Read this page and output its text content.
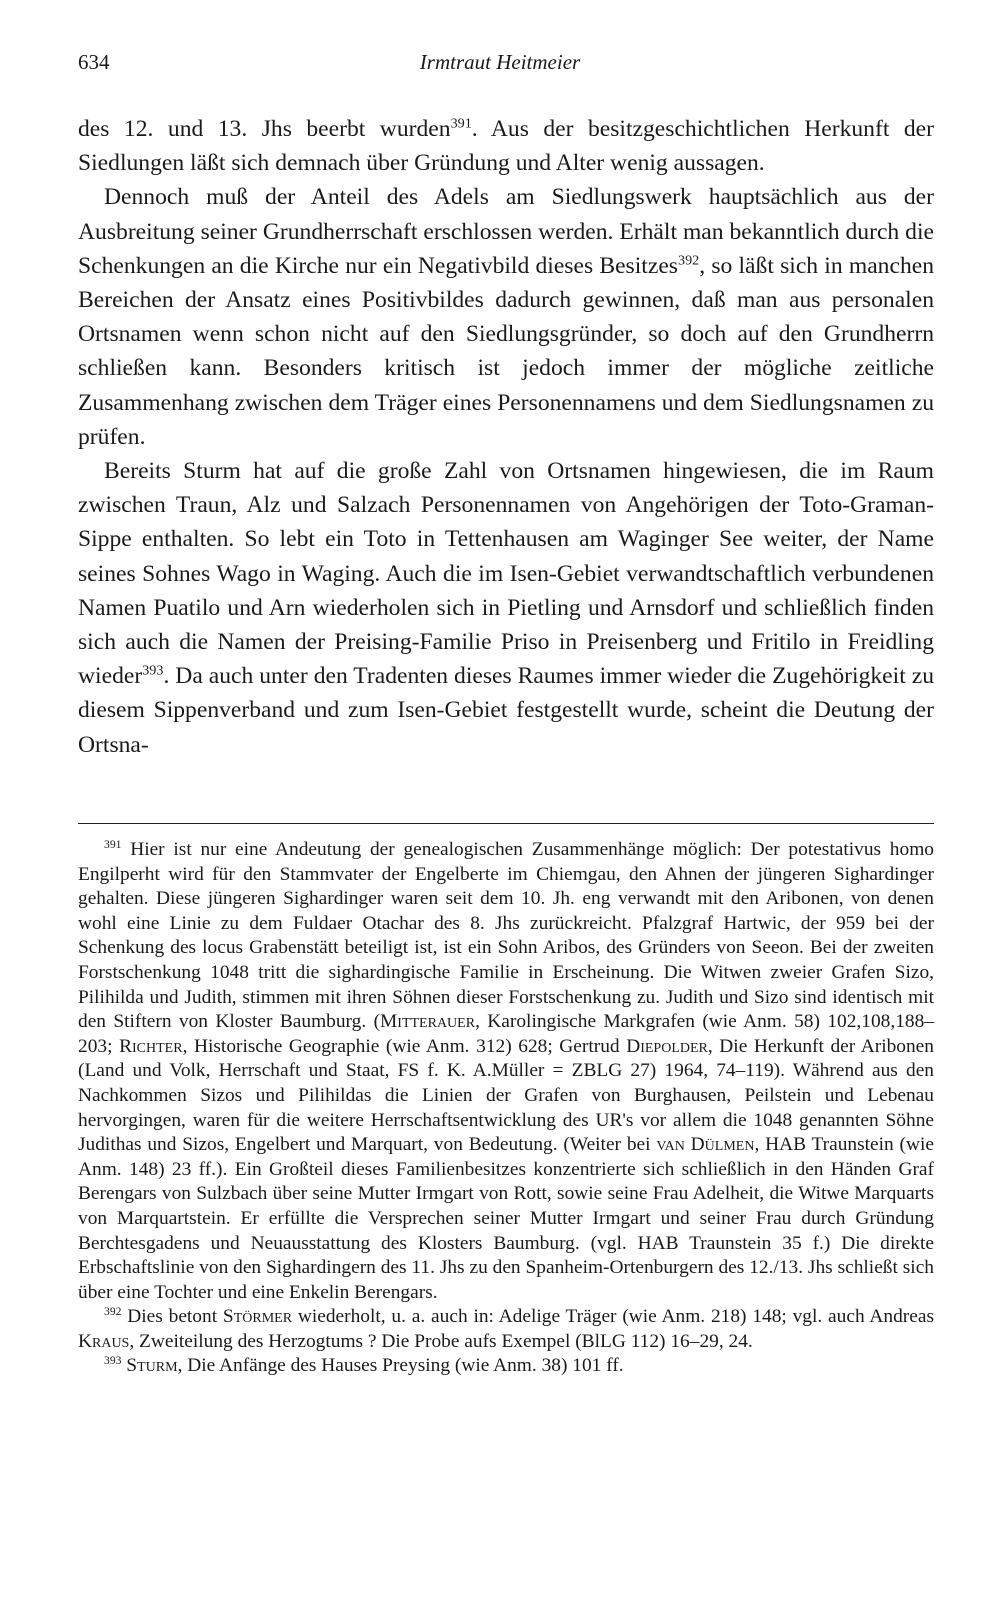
634	Irmtraut Heitmeier

des 12. und 13. Jhs beerbt wurden$^{391}$. Aus der besitzgeschichtlichen Herkunft der Siedlungen läßt sich demnach über Gründung und Alter wenig aussagen.

Dennoch muß der Anteil des Adels am Siedlungswerk hauptsächlich aus der Ausbreitung seiner Grundherrschaft erschlossen werden. Erhält man bekanntlich durch die Schenkungen an die Kirche nur ein Negativbild dieses Besitzes$^{392}$, so läßt sich in manchen Bereichen der Ansatz eines Positivbildes dadurch gewinnen, daß man aus personalen Ortsnamen wenn schon nicht auf den Siedlungsgründer, so doch auf den Grundherrn schließen kann. Besonders kritisch ist jedoch immer der mögliche zeitliche Zusammenhang zwischen dem Träger eines Personennamens und dem Siedlungsnamen zu prüfen.

Bereits Sturm hat auf die große Zahl von Ortsnamen hingewiesen, die im Raum zwischen Traun, Alz und Salzach Personennamen von Angehörigen der Toto-Graman-Sippe enthalten. So lebt ein Toto in Tettenhausen am Waginger See weiter, der Name seines Sohnes Wago in Waging. Auch die im Isen-Gebiet verwandtschaftlich verbundenen Namen Puatilo und Arn wiederholen sich in Pietling und Arnsdorf und schließlich finden sich auch die Namen der Preising-Familie Priso in Preisenberg und Fritilo in Freidling wieder$^{393}$. Da auch unter den Tradenten dieses Raumes immer wieder die Zugehörigkeit zu diesem Sippenverband und zum Isen-Gebiet festgestellt wurde, scheint die Deutung der Ortsna-

$^{391}$ Hier ist nur eine Andeutung der genealogischen Zusammenhänge möglich: Der potestativus homo Engilperht wird für den Stammvater der Engelberte im Chiemgau, den Ahnen der jüngeren Sighardinger gehalten. Diese jüngeren Sighardinger waren seit dem 10. Jh. eng verwandt mit den Aribonen, von denen wohl eine Linie zu dem Fuldaer Otachar des 8. Jhs zurückreicht. Pfalzgraf Hartwic, der 959 bei der Schenkung des locus Grabenstätt beteiligt ist, ist ein Sohn Aribos, des Gründers von Seeon. Bei der zweiten Forstschenkung 1048 tritt die sighardingische Familie in Erscheinung. Die Witwen zweier Grafen Sizo, Pilihilda und Judith, stimmen mit ihren Söhnen dieser Forstschenkung zu. Judith und Sizo sind identisch mit den Stiftern von Kloster Baumburg. (Mitterauer, Karolingische Markgrafen (wie Anm. 58) 102,108,188–203; Richter, Historische Geographie (wie Anm. 312) 628; Gertrud Diepolder, Die Herkunft der Aribonen (Land und Volk, Herrschaft und Staat, FS f. K. A.Müller = ZBLG 27) 1964, 74–119). Während aus den Nachkommen Sizos und Pilihildas die Linien der Grafen von Burghausen, Peilstein und Lebenau hervorgingen, waren für die weitere Herrschaftsentwicklung des UR's vor allem die 1048 genannten Söhne Judithas und Sizos, Engelbert und Marquart, von Bedeutung. (Weiter bei van Dülmen, HAB Traunstein (wie Anm. 148) 23 ff.). Ein Großteil dieses Familienbesitzes konzentrierte sich schließlich in den Händen Graf Berengars von Sulzbach über seine Mutter Irmgart von Rott, sowie seine Frau Adelheit, die Witwe Marquarts von Marquartstein. Er erfüllte die Versprechen seiner Mutter Irmgart und seiner Frau durch Gründung Berchtesgadens und Neuausstattung des Klosters Baumburg. (vgl. HAB Traunstein 35 f.) Die direkte Erbschaftslinie von den Sighardingern des 11. Jhs zu den Spanheim-Ortenburgern des 12./13. Jhs schließt sich über eine Tochter und eine Enkelin Berengars.

$^{392}$ Dies betont Störmer wiederholt, u. a. auch in: Adelige Träger (wie Anm. 218) 148; vgl. auch Andreas Kraus, Zweiteilung des Herzogtums ? Die Probe aufs Exempel (BlLG 112) 16–29, 24.

$^{393}$ Sturm, Die Anfänge des Hauses Preysing (wie Anm. 38) 101 ff.
